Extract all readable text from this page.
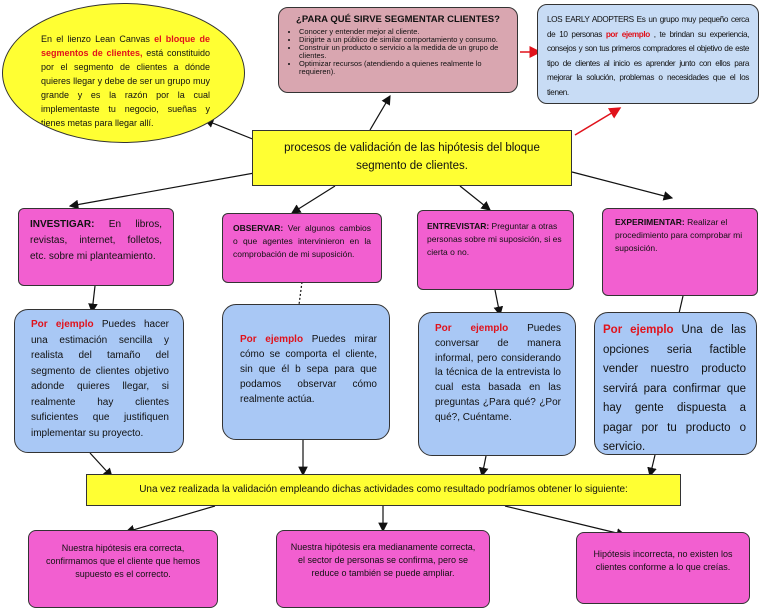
En el lienzo Lean Canvas el bloque de segmentos de clientes, está constituido por el segmento de clientes a dónde quieres llegar y debe de ser un grupo muy grande y es la razón por la cual implementaste tu negocio, sueñas y tienes metas para llegar allí.

¿PARA QUÉ SIRVE SEGMENTAR CLIENTES?
• Conocer y entender mejor al cliente.
• Dirigirte a un público de similar comportamiento y consumo.
• Construir un producto o servicio a la medida de un grupo de clientes.
• Optimizar recursos (atendiendo a quienes realmente lo requieren).

LOS EARLY ADOPTERS Es un grupo muy pequeño cerca de 10 personas por ejemplo , te brindan su experiencia, consejos y son tus primeros compradores el objetivo de este tipo de clientes al inicio es aprender junto con ellos para mejorar la solución, problemas o necesidades que el los tienen.

procesos de validación de las hipótesis del bloque segmento de clientes.

INVESTIGAR: En libros, revistas, internet, folletos, etc. sobre mi planteamiento.

OBSERVAR: Ver algunos cambios o que agentes intervinieron en la comprobación de mi suposición.

ENTREVISTAR: Preguntar a otras personas sobre mi suposición, si es cierta o no.

EXPERIMENTAR: Realizar el procedimiento para comprobar mi suposición.

Por ejemplo Puedes hacer una estimación sencilla y realista del tamaño del segmento de clientes objetivo adonde quieres llegar, si realmente hay clientes suficientes que justifiquen implementar su proyecto.

Por ejemplo Puedes mirar cómo se comporta el cliente, sin que él b sepa para que podamos observar cómo realmente actúa.

Por ejemplo Puedes conversar de manera informal, pero considerando la técnica de la entrevista lo cual esta basada en las preguntas ¿Para qué? ¿Por qué?, Cuéntame.

Por ejemplo Una de las opciones seria factible vender nuestro producto servirá para confirmar que hay gente dispuesta a pagar por tu producto o servicio.

Una vez realizada la validación empleando dichas actividades como resultado podríamos obtener lo siguiente:
Nuestra hipótesis era correcta, confirmamos que el cliente que hemos supuesto es el correcto.
Nuestra hipótesis era medianamente correcta, el sector de personas se confirma, pero se reduce o también se puede ampliar.
Hipótesis incorrecta, no existen los clientes conforme a lo que creías.
